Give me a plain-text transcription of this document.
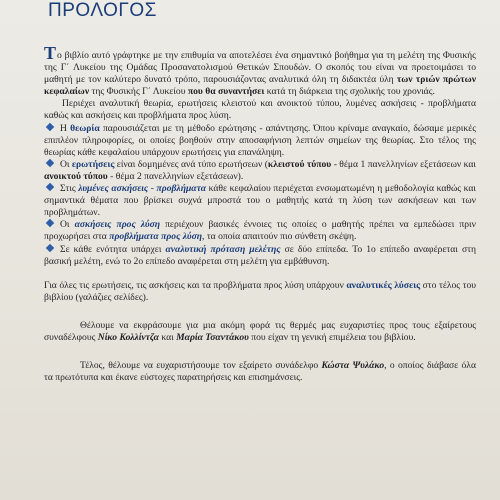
ΠΡΟΛΟΓΟΣ

Το βιβλίο αυτό γράφτηκε με την επιθυμία να αποτελέσει ένα σημαντικό βοήθημα για τη μελέτη της Φυσικής της Γ΄ Λυκείου της Ομάδας Προσανατολισμού Θετικών Σπουδών. Ο σκοπός του είναι να προετοιμάσει το μαθητή με τον καλύτερο δυνατό τρόπο, παρουσιάζοντας αναλυτικά όλη τη διδακτέα ύλη των τριών πρώτων κεφαλαίων της Φυσικής Γ΄ Λυκείου που θα συναντήσει κατά τη διάρκεια της σχολικής του χρονιάς.

Περιέχει αναλυτική θεωρία, ερωτήσεις κλειστού και ανοικτού τύπου, λυμένες ασκήσεις - προβλήματα καθώς και ασκήσεις και προβλήματα προς λύση.

Η θεωρία παρουσιάζεται με τη μέθοδο ερώτησης - απάντησης. Όπου κρίναμε αναγκαίο, δώσαμε μερικές επιπλέον πληροφορίες, οι οποίες βοηθούν στην αποσαφήνιση λεπτών σημείων της θεωρίας. Στο τέλος της θεωρίας κάθε κεφαλαίου υπάρχουν ερωτήσεις για επανάληψη.

Οι ερωτήσεις είναι δομημένες ανά τύπο ερωτήσεων (κλειστού τύπου - θέμα 1 πανελληνίων εξετάσεων και ανοικτού τύπου - θέμα 2 πανελληνίων εξετάσεων).

Στις λυμένες ασκήσεις - προβλήματα κάθε κεφαλαίου περιέχεται ενσωματωμένη η μεθοδολογία καθώς και σημαντικά θέματα που βρίσκει συχνά μπροστά του ο μαθητής κατά τη λύση των ασκήσεων και των προβλημάτων.

Οι ασκήσεις προς λύση περιέχουν βασικές έννοιες τις οποίες ο μαθητής πρέπει να εμπεδώσει πριν προχωρήσει στα προβλήματα προς λύση, τα οποία απαιτούν πιο σύνθετη σκέψη.

Σε κάθε ενότητα υπάρχει αναλυτική πρόταση μελέτης σε δύο επίπεδα. Το 1ο επίπεδο αναφέρεται στη βασική μελέτη, ενώ το 2ο επίπεδο αναφέρεται στη μελέτη για εμβάθυνση.

Για όλες τις ερωτήσεις, τις ασκήσεις και τα προβλήματα προς λύση υπάρχουν αναλυτικές λύσεις στο τέλος του βιβλίου (γαλάζιες σελίδες).

Θέλουμε να εκφράσουμε για μια ακόμη φορά τις θερμές μας ευχαριστίες προς τους εξαίρετους συναδέλφους Νίκο Κολλίντζα και Μαρία Τσαντάκου που είχαν τη γενική επιμέλεια του βιβλίου.

Τέλος, θέλουμε να ευχαριστήσουμε τον εξαίρετο συνάδελφο Κώστα Ψυλάκο, ο οποίος διάβασε όλα τα πρωτότυπα και έκανε εύστοχες παρατηρήσεις και επισημάνσεις.
